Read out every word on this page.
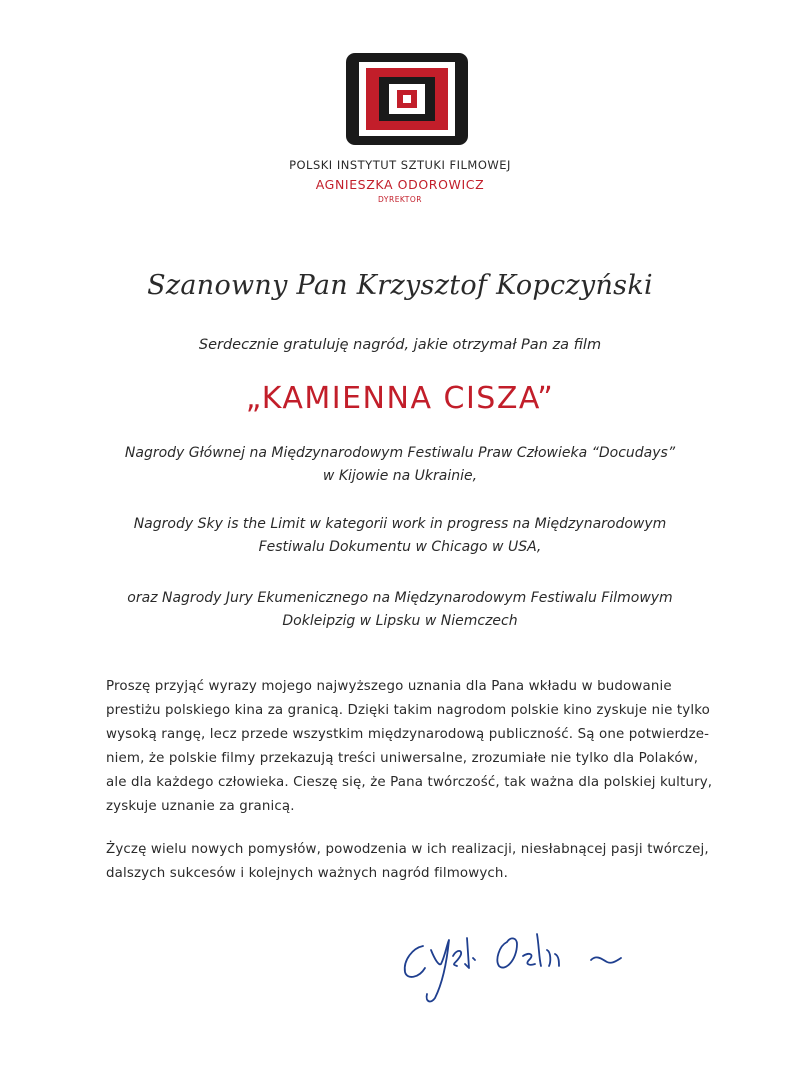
POLSKI INSTYTUT SZTUKI FILMOWEJ
AGNIESZKA ODOROWICZ
DYREKTOR
Szanowny Pan Krzysztof Kopczyński
Serdecznie gratuluję nagród, jakie otrzymał Pan za film
„KAMIENNA CISZA”
Nagrody Głównej na Międzynarodowym Festiwalu Praw Człowieka “Docudays”
w Kijowie na Ukrainie,
Nagrody Sky is the Limit w kategorii work in progress na Międzynarodowym
Festiwalu Dokumentu w Chicago w USA,
oraz Nagrody Jury Ekumenicznego na Międzynarodowym Festiwalu Filmowym
Dokleipzig w Lipsku w Niemczech
Proszę przyjąć wyrazy mojego najwyższego uznania dla Pana wkładu w budowanie
prestiżu polskiego kina za granicą. Dzięki takim nagrodom polskie kino zyskuje nie tylko
wysoką rangę, lecz przede wszystkim międzynarodową publiczność. Są one potwierdze-
niem, że polskie filmy przekazują treści uniwersalne, zrozumiałe nie tylko dla Polaków,
ale dla każdego człowieka. Cieszę się, że Pana twórczość, tak ważna dla polskiej kultury,
zyskuje uznanie za granicą.
Życzę wielu nowych pomysłów, powodzenia w ich realizacji, niesłabnącej pasji twórczej,
dalszych sukcesów i kolejnych ważnych nagród filmowych.
